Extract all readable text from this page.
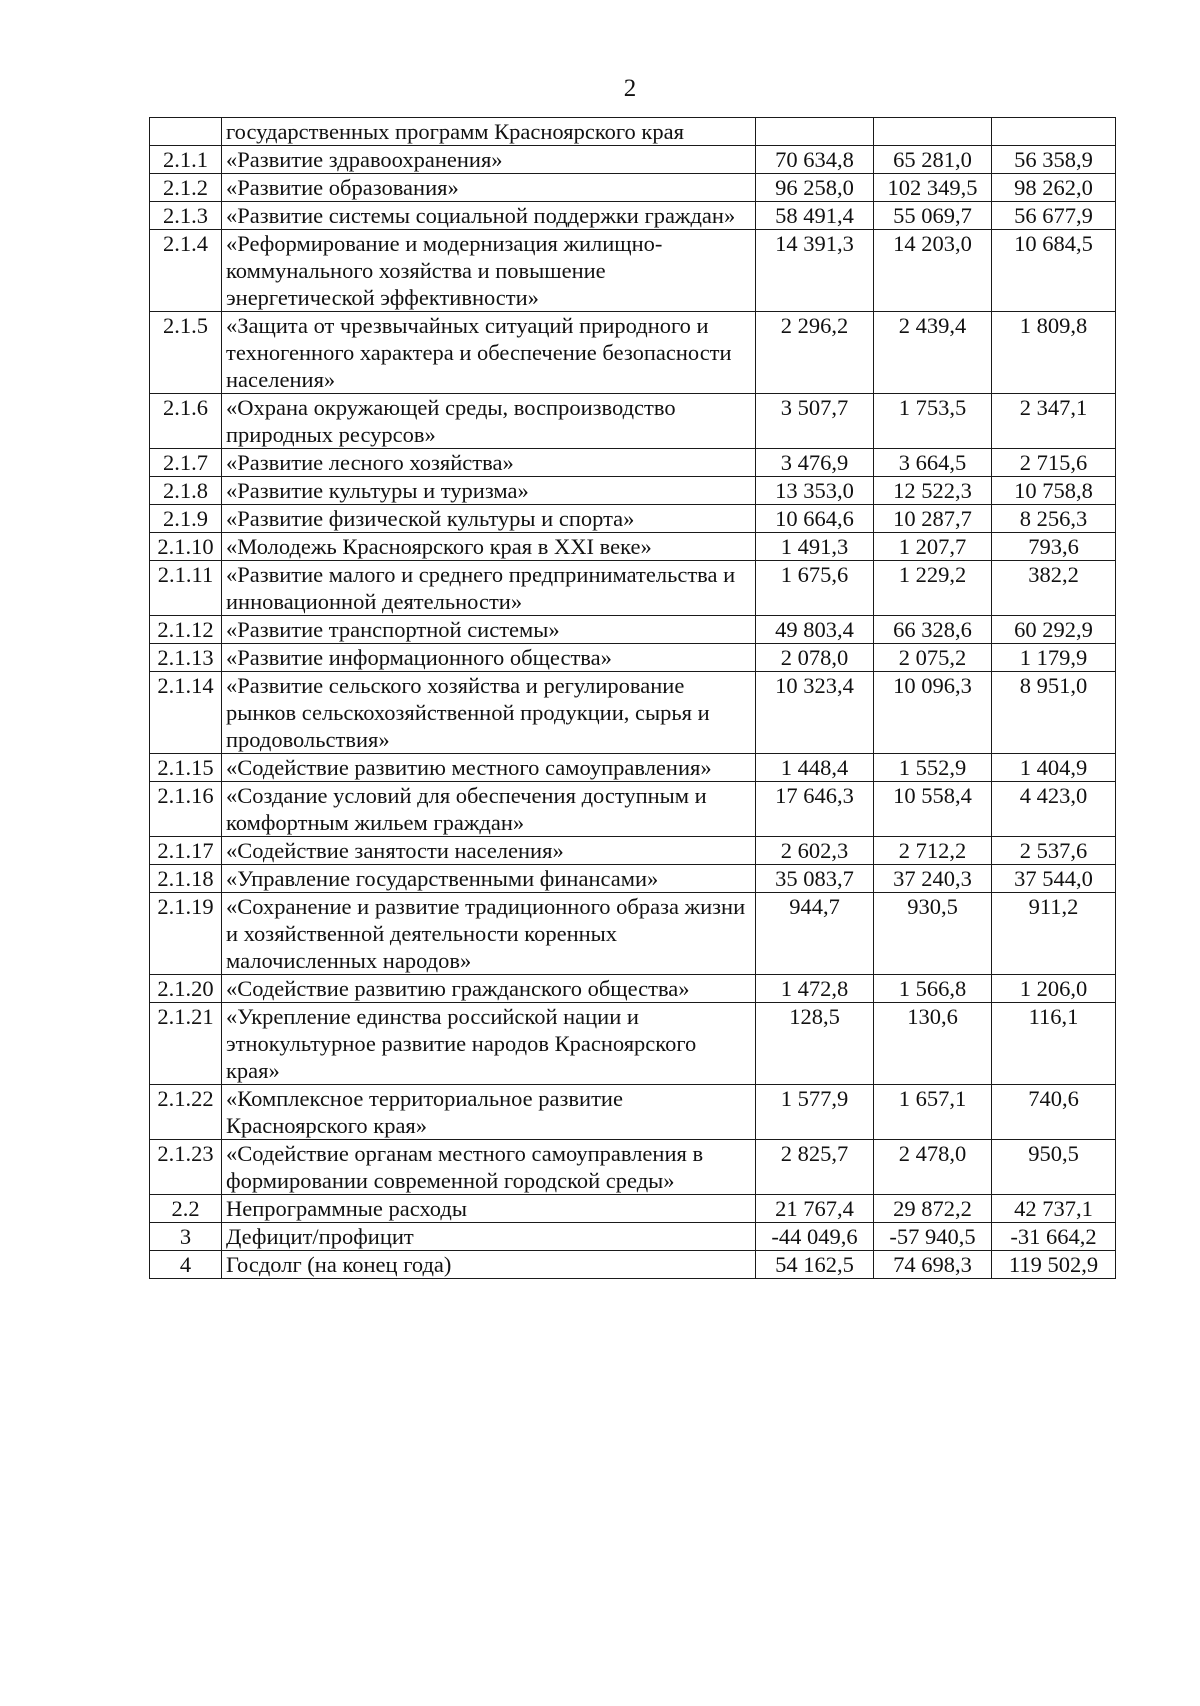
2
	государственных программ Красноярского края			
2.1.1	«Развитие здравоохранения»	70 634,8	65 281,0	56 358,9
2.1.2	«Развитие образования»	96 258,0	102 349,5	98 262,0
2.1.3	«Развитие системы социальной поддержки граждан»	58 491,4	55 069,7	56 677,9
2.1.4	«Реформирование и модернизация жилищно-коммунального хозяйства и повышение энергетической эффективности»	14 391,3	14 203,0	10 684,5
2.1.5	«Защита от чрезвычайных ситуаций природного и техногенного характера и обеспечение безопасности населения»	2 296,2	2 439,4	1 809,8
2.1.6	«Охрана окружающей среды, воспроизводство природных ресурсов»	3 507,7	1 753,5	2 347,1
2.1.7	«Развитие лесного хозяйства»	3 476,9	3 664,5	2 715,6
2.1.8	«Развитие культуры и туризма»	13 353,0	12 522,3	10 758,8
2.1.9	«Развитие физической культуры и спорта»	10 664,6	10 287,7	8 256,3
2.1.10	«Молодежь Красноярского края в XXI веке»	1 491,3	1 207,7	793,6
2.1.11	«Развитие малого и среднего предпринимательства и инновационной деятельности»	1 675,6	1 229,2	382,2
2.1.12	«Развитие транспортной системы»	49 803,4	66 328,6	60 292,9
2.1.13	«Развитие информационного общества»	2 078,0	2 075,2	1 179,9
2.1.14	«Развитие сельского хозяйства и регулирование рынков сельскохозяйственной продукции, сырья и продовольствия»	10 323,4	10 096,3	8 951,0
2.1.15	«Содействие развитию местного самоуправления»	1 448,4	1 552,9	1 404,9
2.1.16	«Создание условий для обеспечения доступным и комфортным жильем граждан»	17 646,3	10 558,4	4 423,0
2.1.17	«Содействие занятости населения»	2 602,3	2 712,2	2 537,6
2.1.18	«Управление государственными финансами»	35 083,7	37 240,3	37 544,0
2.1.19	«Сохранение и развитие традиционного образа жизни и хозяйственной деятельности коренных малочисленных народов»	944,7	930,5	911,2
2.1.20	«Содействие развитию гражданского общества»	1 472,8	1 566,8	1 206,0
2.1.21	«Укрепление единства российской нации и этнокультурное развитие народов Красноярского края»	128,5	130,6	116,1
2.1.22	«Комплексное территориальное развитие Красноярского края»	1 577,9	1 657,1	740,6
2.1.23	«Содействие органам местного самоуправления в формировании современной городской среды»	2 825,7	2 478,0	950,5
2.2	Непрограммные расходы	21 767,4	29 872,2	42 737,1
3	Дефицит/профицит	-44 049,6	-57 940,5	-31 664,2
4	Госдолг (на конец года)	54 162,5	74 698,3	119 502,9
